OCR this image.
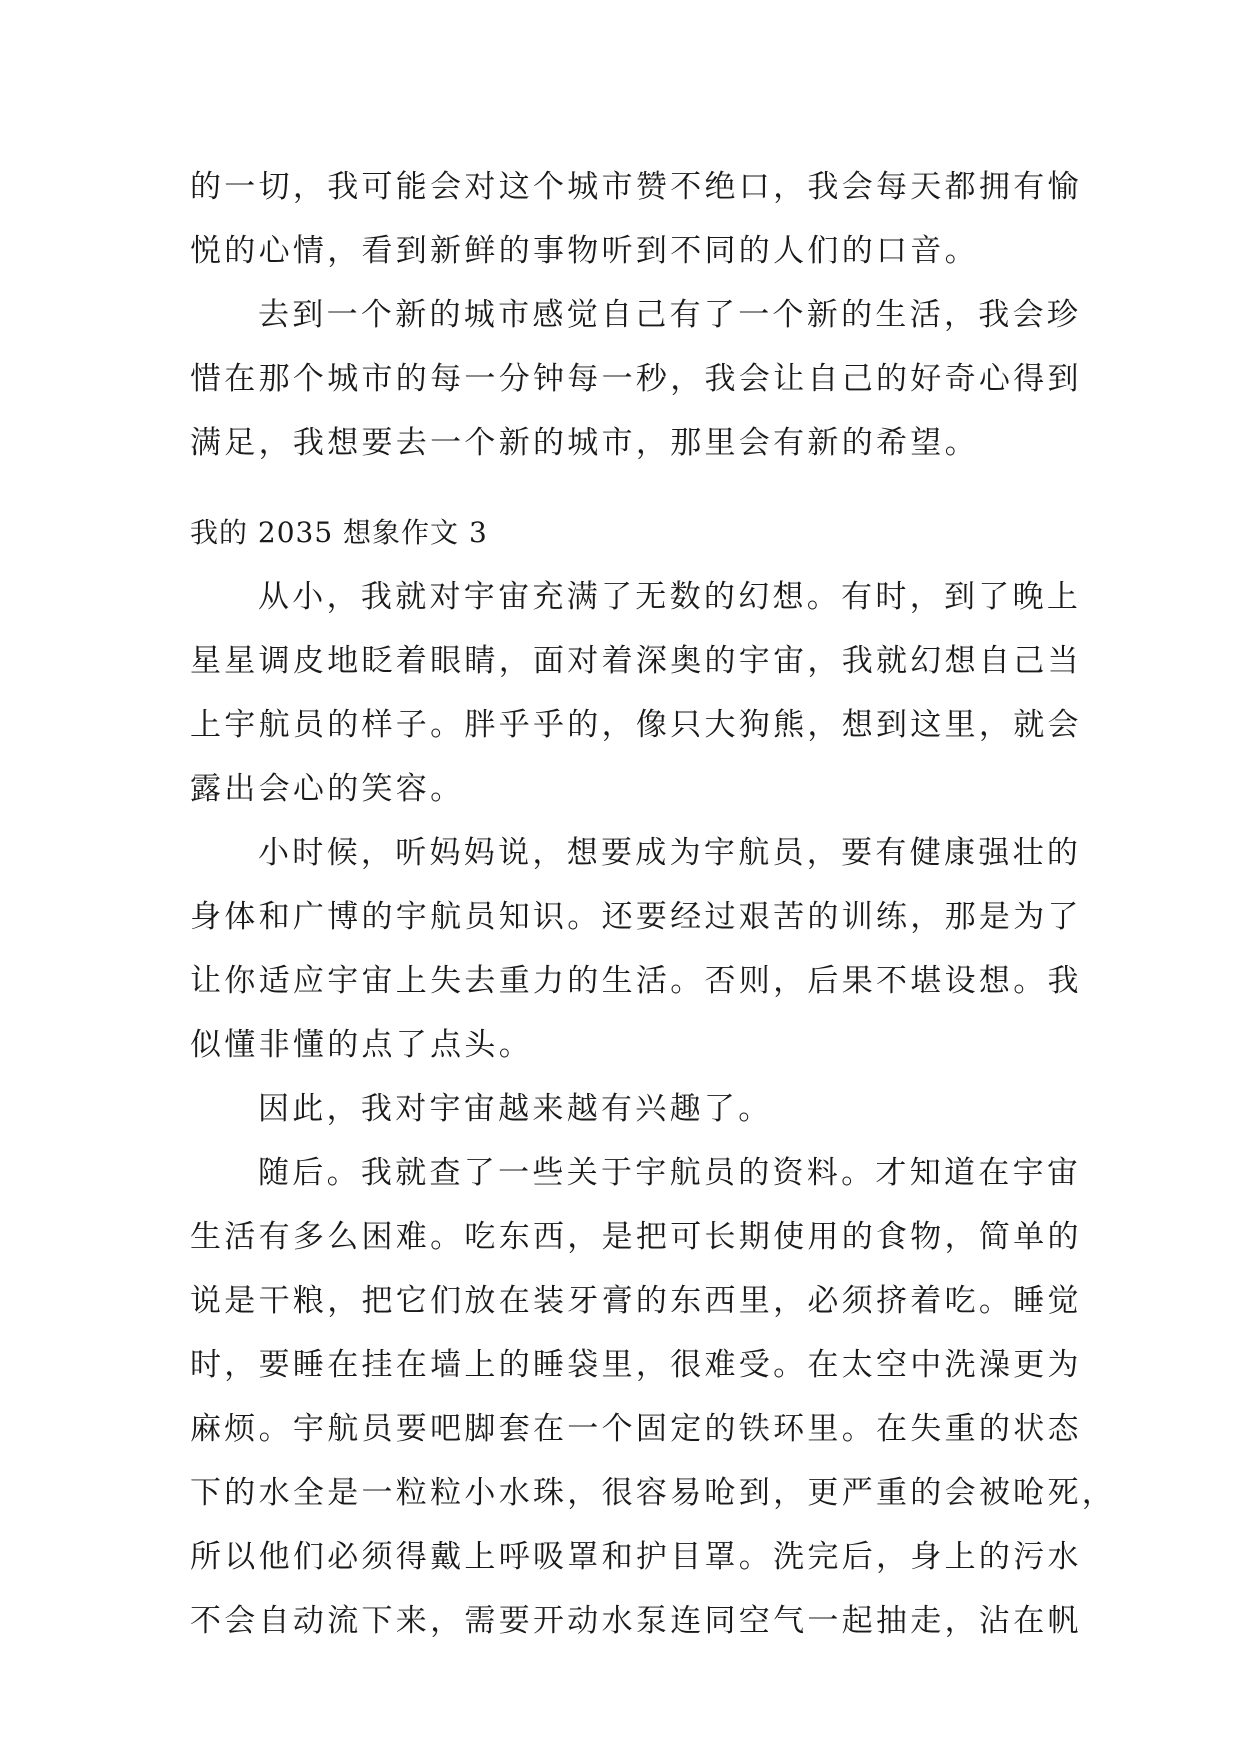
的一切，我可能会对这个城市赞不绝口，我会每天都拥有愉
悦的心情，看到新鲜的事物听到不同的人们的口音。
去到一个新的城市感觉自己有了一个新的生活，我会珍
惜在那个城市的每一分钟每一秒，我会让自己的好奇心得到
满足，我想要去一个新的城市，那里会有新的希望。
我的 2035 想象作文 3
从小，我就对宇宙充满了无数的幻想。有时，到了晚上
星星调皮地眨着眼睛，面对着深奥的宇宙，我就幻想自己当
上宇航员的样子。胖乎乎的，像只大狗熊，想到这里，就会
露出会心的笑容。
小时候，听妈妈说，想要成为宇航员，要有健康强壮的
身体和广博的宇航员知识。还要经过艰苦的训练，那是为了
让你适应宇宙上失去重力的生活。否则，后果不堪设想。我
似懂非懂的点了点头。
因此，我对宇宙越来越有兴趣了。
随后。我就查了一些关于宇航员的资料。才知道在宇宙
生活有多么困难。吃东西，是把可长期使用的食物，简单的
说是干粮，把它们放在装牙膏的东西里，必须挤着吃。睡觉
时，要睡在挂在墙上的睡袋里，很难受。在太空中洗澡更为
麻烦。宇航员要吧脚套在一个固定的铁环里。在失重的状态
下的水全是一粒粒小水珠，很容易呛到，更严重的会被呛死，
所以他们必须得戴上呼吸罩和护目罩。洗完后，身上的污水
不会自动流下来，需要开动水泵连同空气一起抽走，沾在帆
